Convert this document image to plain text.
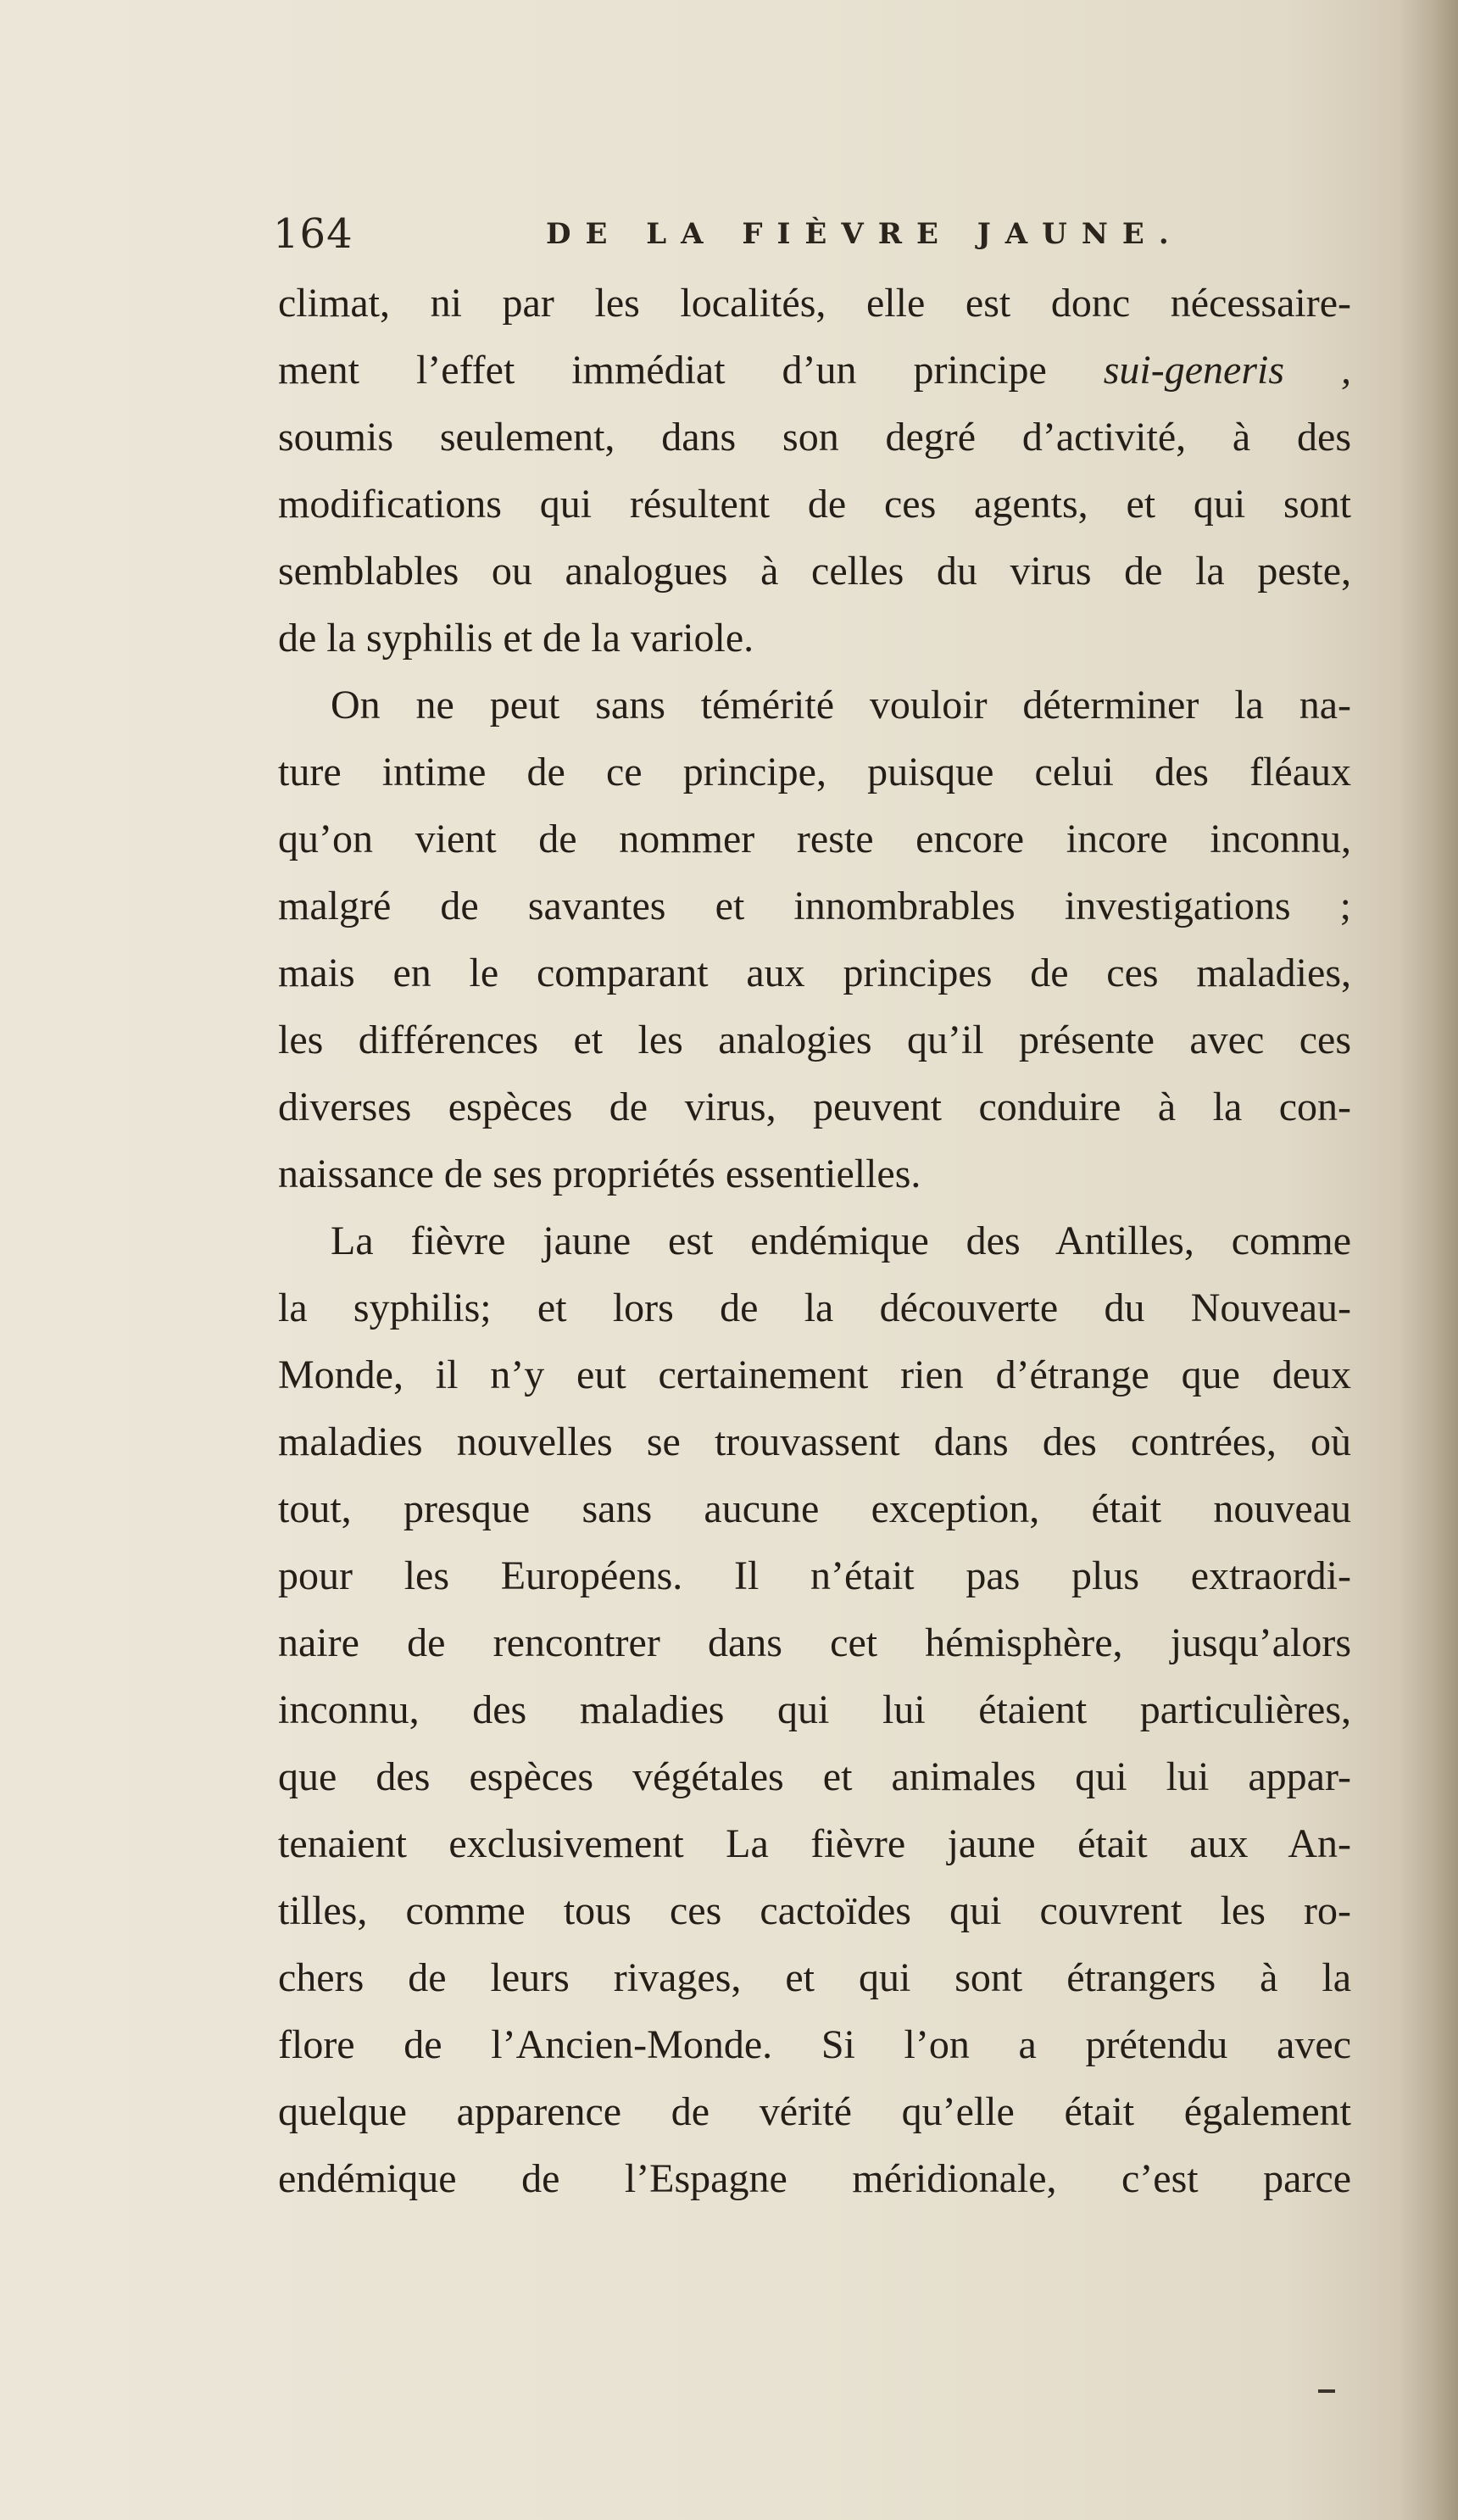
164	DE LA FIÈVRE JAUNE.
climat, ni par les localités, elle est donc nécessaire-
ment l’effet immédiat d’un principe sui-generis ,
soumis seulement, dans son degré d’activité, à des
modifications qui résultent de ces agents, et qui sont
semblables ou analogues à celles du virus de la peste,
de la syphilis et de la variole.
On ne peut sans témérité vouloir déterminer la na-
ture intime de ce principe, puisque celui des fléaux
qu’on vient de nommer reste encore incore inconnu,
malgré de savantes et innombrables investigations ;
mais en le comparant aux principes de ces maladies,
les différences et les analogies qu’il présente avec ces
diverses espèces de virus, peuvent conduire à la con-
naissance de ses propriétés essentielles.
La fièvre jaune est endémique des Antilles, comme
la syphilis; et lors de la découverte du Nouveau-
Monde, il n’y eut certainement rien d’étrange que deux
maladies nouvelles se trouvassent dans des contrées, où
tout, presque sans aucune exception, était nouveau
pour les Européens. Il n’était pas plus extraordi-
naire de rencontrer dans cet hémisphère, jusqu’alors
inconnu, des maladies qui lui étaient particulières,
que des espèces végétales et animales qui lui appar-
tenaient exclusivement La fièvre jaune était aux An-
tilles, comme tous ces cactoïdes qui couvrent les ro-
chers de leurs rivages, et qui sont étrangers à la
flore de l’Ancien-Monde. Si l’on a prétendu avec
quelque apparence de vérité qu’elle était également
endémique de l’Espagne méridionale, c’est parce
